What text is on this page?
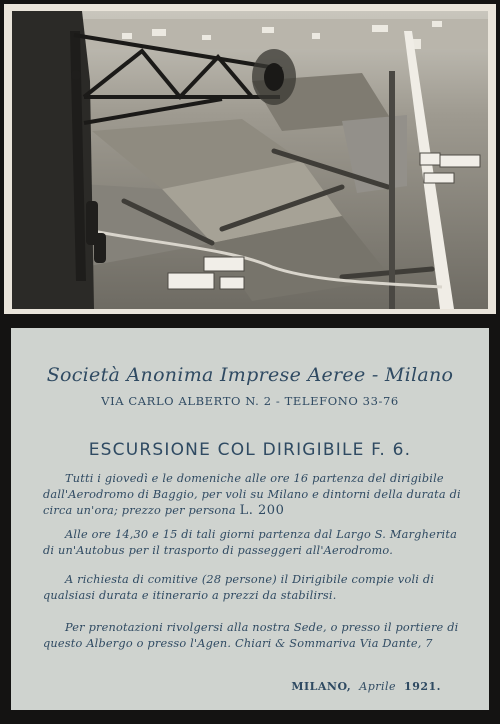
Società Anonima Imprese Aeree - Milano
VIA CARLO ALBERTO N. 2 - TELEFONO 33-76
ESCURSIONE COL DIRIGIBILE F. 6.
Tutti i giovedì e le domeniche alle ore 16 partenza del dirigibile dall'Aerodromo di Baggio, per voli su Milano e dintorni della durata di circa un'ora; prezzo per persona L. 200
Alle ore 14,30 e 15 di tali giorni partenza dal Largo S. Margherita di un'Autobus per il trasporto di passeggeri all'Aerodromo.
A richiesta di comitive (28 persone) il Dirigibile compie voli di qualsiasi durata e itinerario a prezzi da stabilirsi.
Per prenotazioni rivolgersi alla nostra Sede, o presso il portiere di questo Albergo o presso l'Agen. Chiari & Sommariva Via Dante, 7
MILANO, Aprile 1921.
